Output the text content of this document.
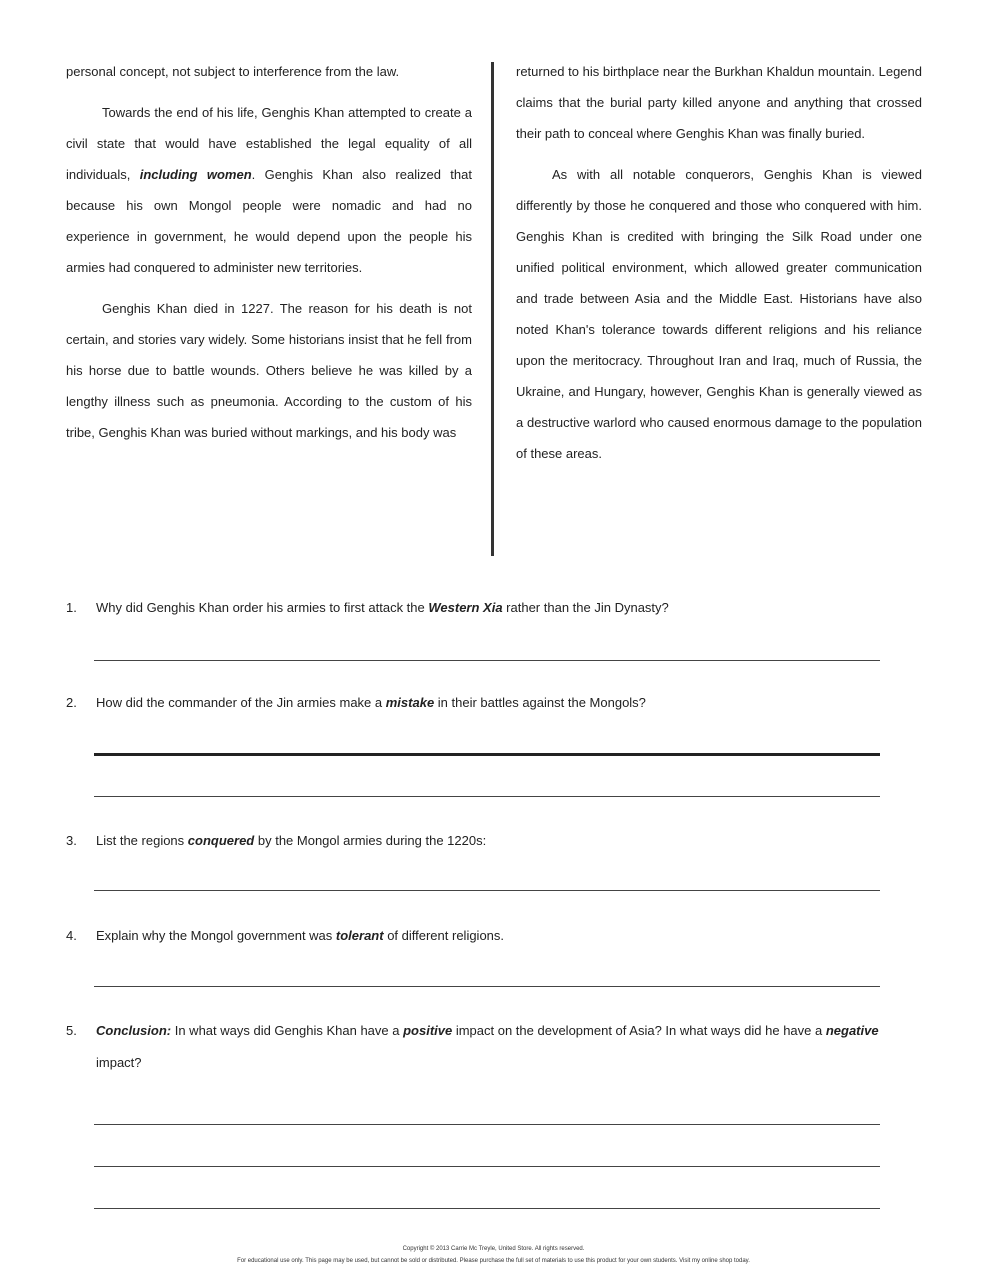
personal concept, not subject to interference from the law.

Towards the end of his life, Genghis Khan attempted to create a civil state that would have established the legal equality of all individuals, including women. Genghis Khan also realized that because his own Mongol people were nomadic and had no experience in government, he would depend upon the people his armies had conquered to administer new territories.

Genghis Khan died in 1227. The reason for his death is not certain, and stories vary widely. Some historians insist that he fell from his horse due to battle wounds. Others believe he was killed by a lengthy illness such as pneumonia. According to the custom of his tribe, Genghis Khan was buried without markings, and his body was

returned to his birthplace near the Burkhan Khaldun mountain. Legend claims that the burial party killed anyone and anything that crossed their path to conceal where Genghis Khan was finally buried.

As with all notable conquerors, Genghis Khan is viewed differently by those he conquered and those who conquered with him. Genghis Khan is credited with bringing the Silk Road under one unified political environment, which allowed greater communication and trade between Asia and the Middle East. Historians have also noted Khan's tolerance towards different religions and his reliance upon the meritocracy. Throughout Iran and Iraq, much of Russia, the Ukraine, and Hungary, however, Genghis Khan is generally viewed as a destructive warlord who caused enormous damage to the population of these areas.

1. Why did Genghis Khan order his armies to first attack the Western Xia rather than the Jin Dynasty?
2. How did the commander of the Jin armies make a mistake in their battles against the Mongols?
3. List the regions conquered by the Mongol armies during the 1220s:
4. Explain why the Mongol government was tolerant of different religions.
5. Conclusion: In what ways did Genghis Khan have a positive impact on the development of Asia? In what ways did he have a negative impact?
Copyright © 2013 Carrie Mc Treyle, United Store. All rights reserved.
For educational use only. This page may be used, but cannot be sold or distributed. Please purchase the full set of materials to use this product for your own students. Visit my online shop today.
